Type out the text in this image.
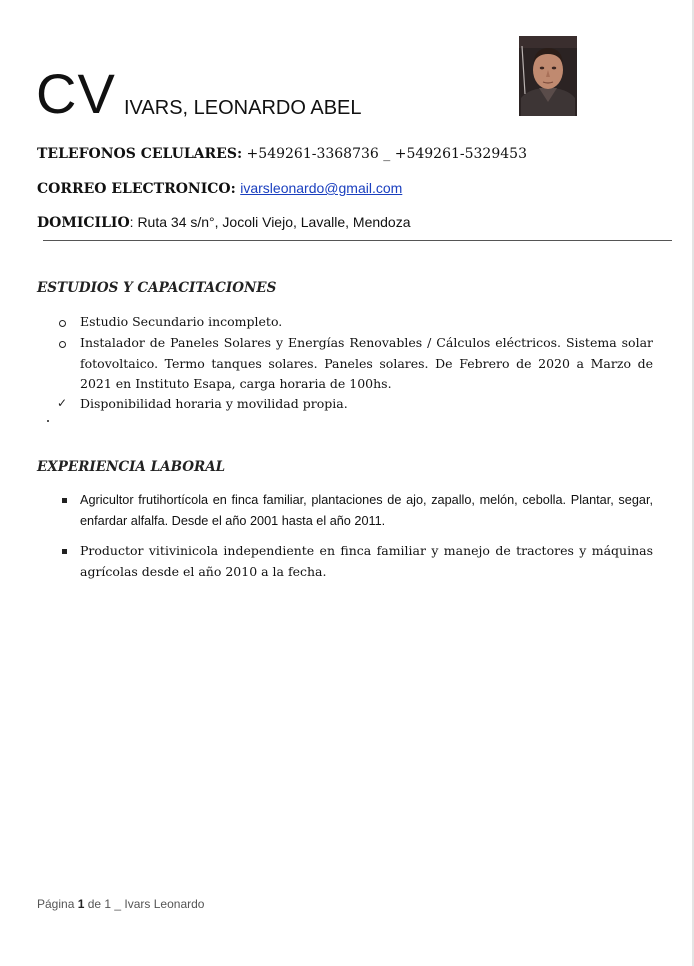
CV IVARS, LEONARDO ABEL
TELEFONOS CELULARES: +549261-3368736 _ +549261-5329453
CORREO ELECTRONICO: ivarsleonardo@gmail.com
DOMICILIO: Ruta 34 s/n°, Jocoli Viejo, Lavalle, Mendoza
ESTUDIOS Y CAPACITACIONES
Estudio Secundario incompleto.
Instalador de Paneles Solares y Energías Renovables / Cálculos eléctricos. Sistema solar fotovoltaico. Termo tanques solares. Paneles solares. De Febrero de 2020 a Marzo de 2021 en Instituto Esapa, carga horaria de 100hs.
✓ Disponibilidad horaria y movilidad propia.
EXPERIENCIA LABORAL
Agricultor frutihortícola en finca familiar, plantaciones de ajo, zapallo, melón, cebolla. Plantar, segar, enfardar alfalfa. Desde el año 2001 hasta el año 2011.
Productor vitivinicola independiente en finca familiar y manejo de tractores y máquinas agrícolas desde el año 2010 a la fecha.
Página 1 de 1 _ Ivars Leonardo
